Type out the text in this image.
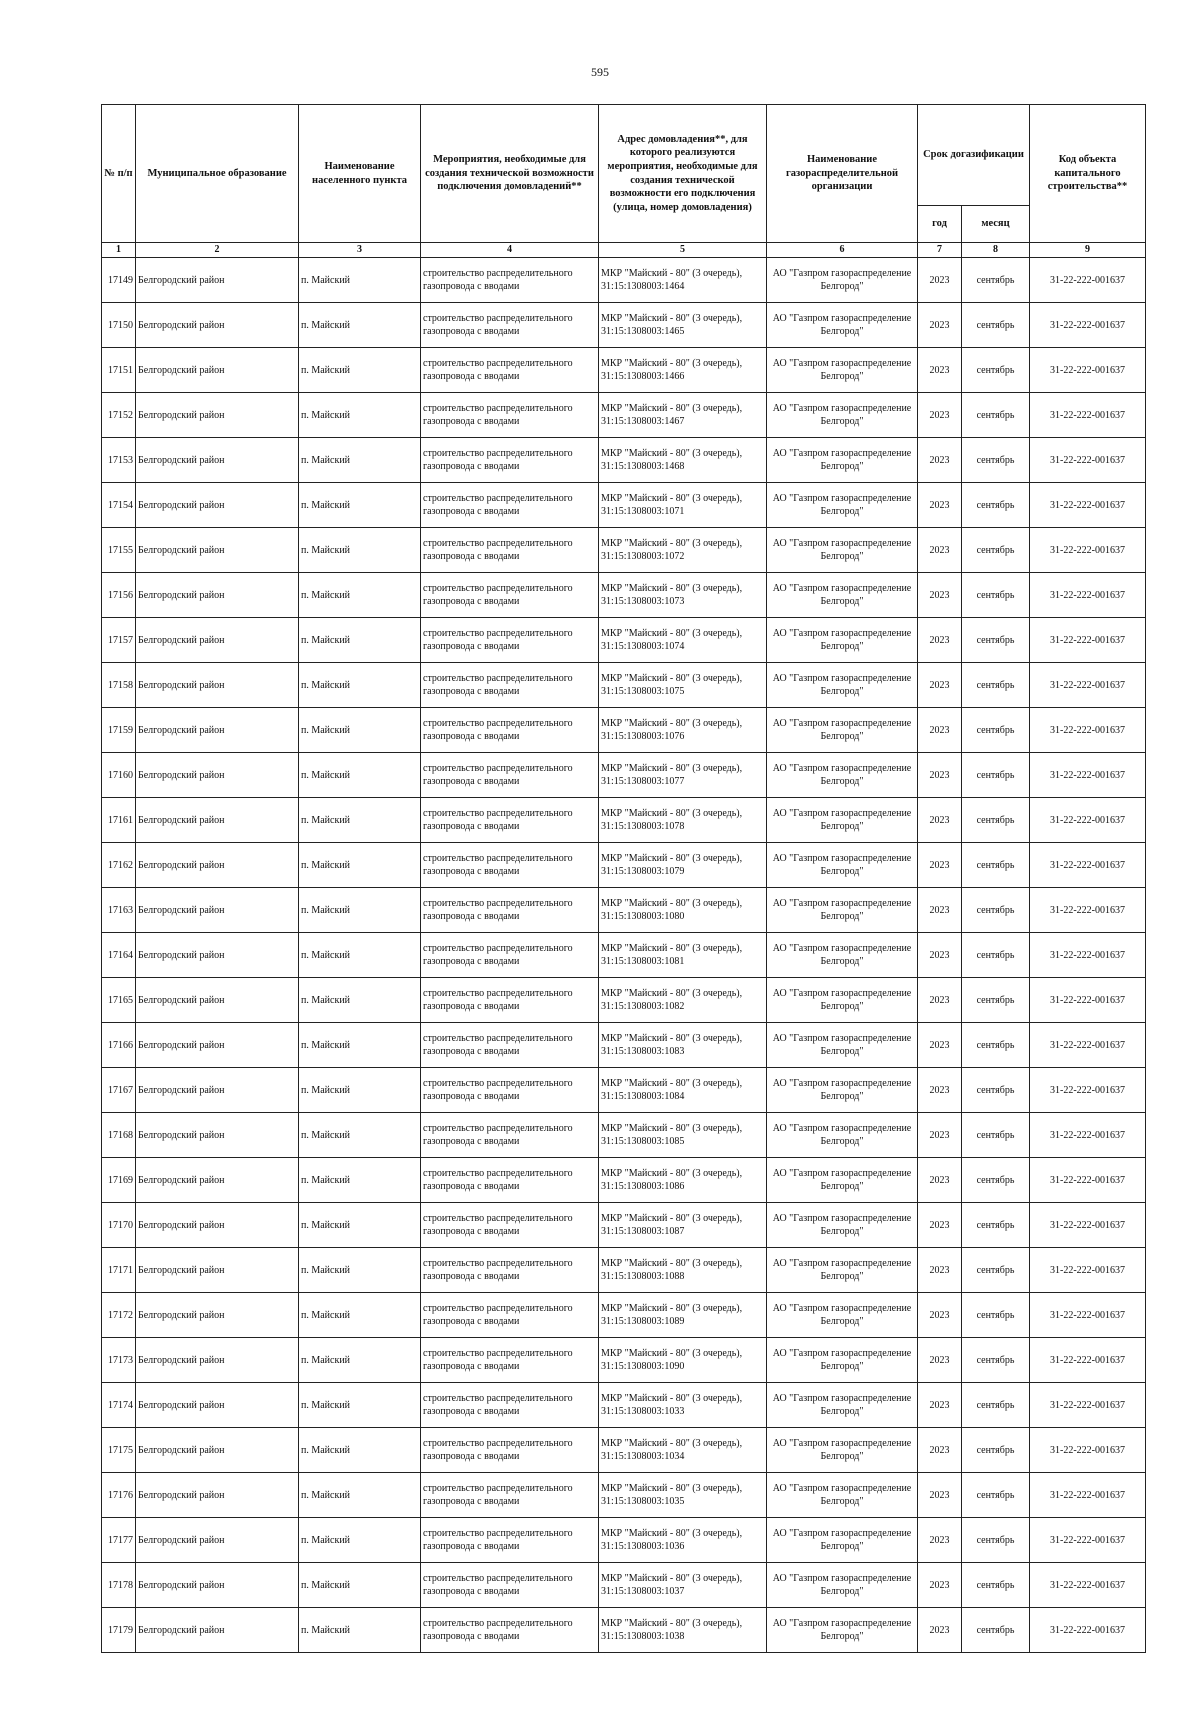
595
№ п/п	Муниципальное образование	Наименование населенного пункта	Мероприятия, необходимые для создания технической возможности подключения домовладений**	Адрес домовладения**, для которого реализуются мероприятия, необходимые для создания технической возможности его подключения (улица, номер домовладения)	Наименование газораспределительной организации	Срок догазификации		Код объекта капитального строительства**
						год	месяц	
1	2	3	4	5	6	7	8	9
17149	Белгородский район	п. Майский	строительство распределительного газопровода с вводами	МКР "Майский - 80" (3 очередь), 31:15:1308003:1464	АО "Газпром газораспределение Белгород"	2023	сентябрь	31-22-222-001637
17150	Белгородский район	п. Майский	строительство распределительного газопровода с вводами	МКР "Майский - 80" (3 очередь), 31:15:1308003:1465	АО "Газпром газораспределение Белгород"	2023	сентябрь	31-22-222-001637
17151	Белгородский район	п. Майский	строительство распределительного газопровода с вводами	МКР "Майский - 80" (3 очередь), 31:15:1308003:1466	АО "Газпром газораспределение Белгород"	2023	сентябрь	31-22-222-001637
17152	Белгородский район	п. Майский	строительство распределительного газопровода с вводами	МКР "Майский - 80" (3 очередь), 31:15:1308003:1467	АО "Газпром газораспределение Белгород"	2023	сентябрь	31-22-222-001637
17153	Белгородский район	п. Майский	строительство распределительного газопровода с вводами	МКР "Майский - 80" (3 очередь), 31:15:1308003:1468	АО "Газпром газораспределение Белгород"	2023	сентябрь	31-22-222-001637
17154	Белгородский район	п. Майский	строительство распределительного газопровода с вводами	МКР "Майский - 80" (3 очередь), 31:15:1308003:1071	АО "Газпром газораспределение Белгород"	2023	сентябрь	31-22-222-001637
17155	Белгородский район	п. Майский	строительство распределительного газопровода с вводами	МКР "Майский - 80" (3 очередь), 31:15:1308003:1072	АО "Газпром газораспределение Белгород"	2023	сентябрь	31-22-222-001637
17156	Белгородский район	п. Майский	строительство распределительного газопровода с вводами	МКР "Майский - 80" (3 очередь), 31:15:1308003:1073	АО "Газпром газораспределение Белгород"	2023	сентябрь	31-22-222-001637
17157	Белгородский район	п. Майский	строительство распределительного газопровода с вводами	МКР "Майский - 80" (3 очередь), 31:15:1308003:1074	АО "Газпром газораспределение Белгород"	2023	сентябрь	31-22-222-001637
17158	Белгородский район	п. Майский	строительство распределительного газопровода с вводами	МКР "Майский - 80" (3 очередь), 31:15:1308003:1075	АО "Газпром газораспределение Белгород"	2023	сентябрь	31-22-222-001637
17159	Белгородский район	п. Майский	строительство распределительного газопровода с вводами	МКР "Майский - 80" (3 очередь), 31:15:1308003:1076	АО "Газпром газораспределение Белгород"	2023	сентябрь	31-22-222-001637
17160	Белгородский район	п. Майский	строительство распределительного газопровода с вводами	МКР "Майский - 80" (3 очередь), 31:15:1308003:1077	АО "Газпром газораспределение Белгород"	2023	сентябрь	31-22-222-001637
17161	Белгородский район	п. Майский	строительство распределительного газопровода с вводами	МКР "Майский - 80" (3 очередь), 31:15:1308003:1078	АО "Газпром газораспределение Белгород"	2023	сентябрь	31-22-222-001637
17162	Белгородский район	п. Майский	строительство распределительного газопровода с вводами	МКР "Майский - 80" (3 очередь), 31:15:1308003:1079	АО "Газпром газораспределение Белгород"	2023	сентябрь	31-22-222-001637
17163	Белгородский район	п. Майский	строительство распределительного газопровода с вводами	МКР "Майский - 80" (3 очередь), 31:15:1308003:1080	АО "Газпром газораспределение Белгород"	2023	сентябрь	31-22-222-001637
17164	Белгородский район	п. Майский	строительство распределительного газопровода с вводами	МКР "Майский - 80" (3 очередь), 31:15:1308003:1081	АО "Газпром газораспределение Белгород"	2023	сентябрь	31-22-222-001637
17165	Белгородский район	п. Майский	строительство распределительного газопровода с вводами	МКР "Майский - 80" (3 очередь), 31:15:1308003:1082	АО "Газпром газораспределение Белгород"	2023	сентябрь	31-22-222-001637
17166	Белгородский район	п. Майский	строительство распределительного газопровода с вводами	МКР "Майский - 80" (3 очередь), 31:15:1308003:1083	АО "Газпром газораспределение Белгород"	2023	сентябрь	31-22-222-001637
17167	Белгородский район	п. Майский	строительство распределительного газопровода с вводами	МКР "Майский - 80" (3 очередь), 31:15:1308003:1084	АО "Газпром газораспределение Белгород"	2023	сентябрь	31-22-222-001637
17168	Белгородский район	п. Майский	строительство распределительного газопровода с вводами	МКР "Майский - 80" (3 очередь), 31:15:1308003:1085	АО "Газпром газораспределение Белгород"	2023	сентябрь	31-22-222-001637
17169	Белгородский район	п. Майский	строительство распределительного газопровода с вводами	МКР "Майский - 80" (3 очередь), 31:15:1308003:1086	АО "Газпром газораспределение Белгород"	2023	сентябрь	31-22-222-001637
17170	Белгородский район	п. Майский	строительство распределительного газопровода с вводами	МКР "Майский - 80" (3 очередь), 31:15:1308003:1087	АО "Газпром газораспределение Белгород"	2023	сентябрь	31-22-222-001637
17171	Белгородский район	п. Майский	строительство распределительного газопровода с вводами	МКР "Майский - 80" (3 очередь), 31:15:1308003:1088	АО "Газпром газораспределение Белгород"	2023	сентябрь	31-22-222-001637
17172	Белгородский район	п. Майский	строительство распределительного газопровода с вводами	МКР "Майский - 80" (3 очередь), 31:15:1308003:1089	АО "Газпром газораспределение Белгород"	2023	сентябрь	31-22-222-001637
17173	Белгородский район	п. Майский	строительство распределительного газопровода с вводами	МКР "Майский - 80" (3 очередь), 31:15:1308003:1090	АО "Газпром газораспределение Белгород"	2023	сентябрь	31-22-222-001637
17174	Белгородский район	п. Майский	строительство распределительного газопровода с вводами	МКР "Майский - 80" (3 очередь), 31:15:1308003:1033	АО "Газпром газораспределение Белгород"	2023	сентябрь	31-22-222-001637
17175	Белгородский район	п. Майский	строительство распределительного газопровода с вводами	МКР "Майский - 80" (3 очередь), 31:15:1308003:1034	АО "Газпром газораспределение Белгород"	2023	сентябрь	31-22-222-001637
17176	Белгородский район	п. Майский	строительство распределительного газопровода с вводами	МКР "Майский - 80" (3 очередь), 31:15:1308003:1035	АО "Газпром газораспределение Белгород"	2023	сентябрь	31-22-222-001637
17177	Белгородский район	п. Майский	строительство распределительного газопровода с вводами	МКР "Майский - 80" (3 очередь), 31:15:1308003:1036	АО "Газпром газораспределение Белгород"	2023	сентябрь	31-22-222-001637
17178	Белгородский район	п. Майский	строительство распределительного газопровода с вводами	МКР "Майский - 80" (3 очередь), 31:15:1308003:1037	АО "Газпром газораспределение Белгород"	2023	сентябрь	31-22-222-001637
17179	Белгородский район	п. Майский	строительство распределительного газопровода с вводами	МКР "Майский - 80" (3 очередь), 31:15:1308003:1038	АО "Газпром газораспределение Белгород"	2023	сентябрь	31-22-222-001637
